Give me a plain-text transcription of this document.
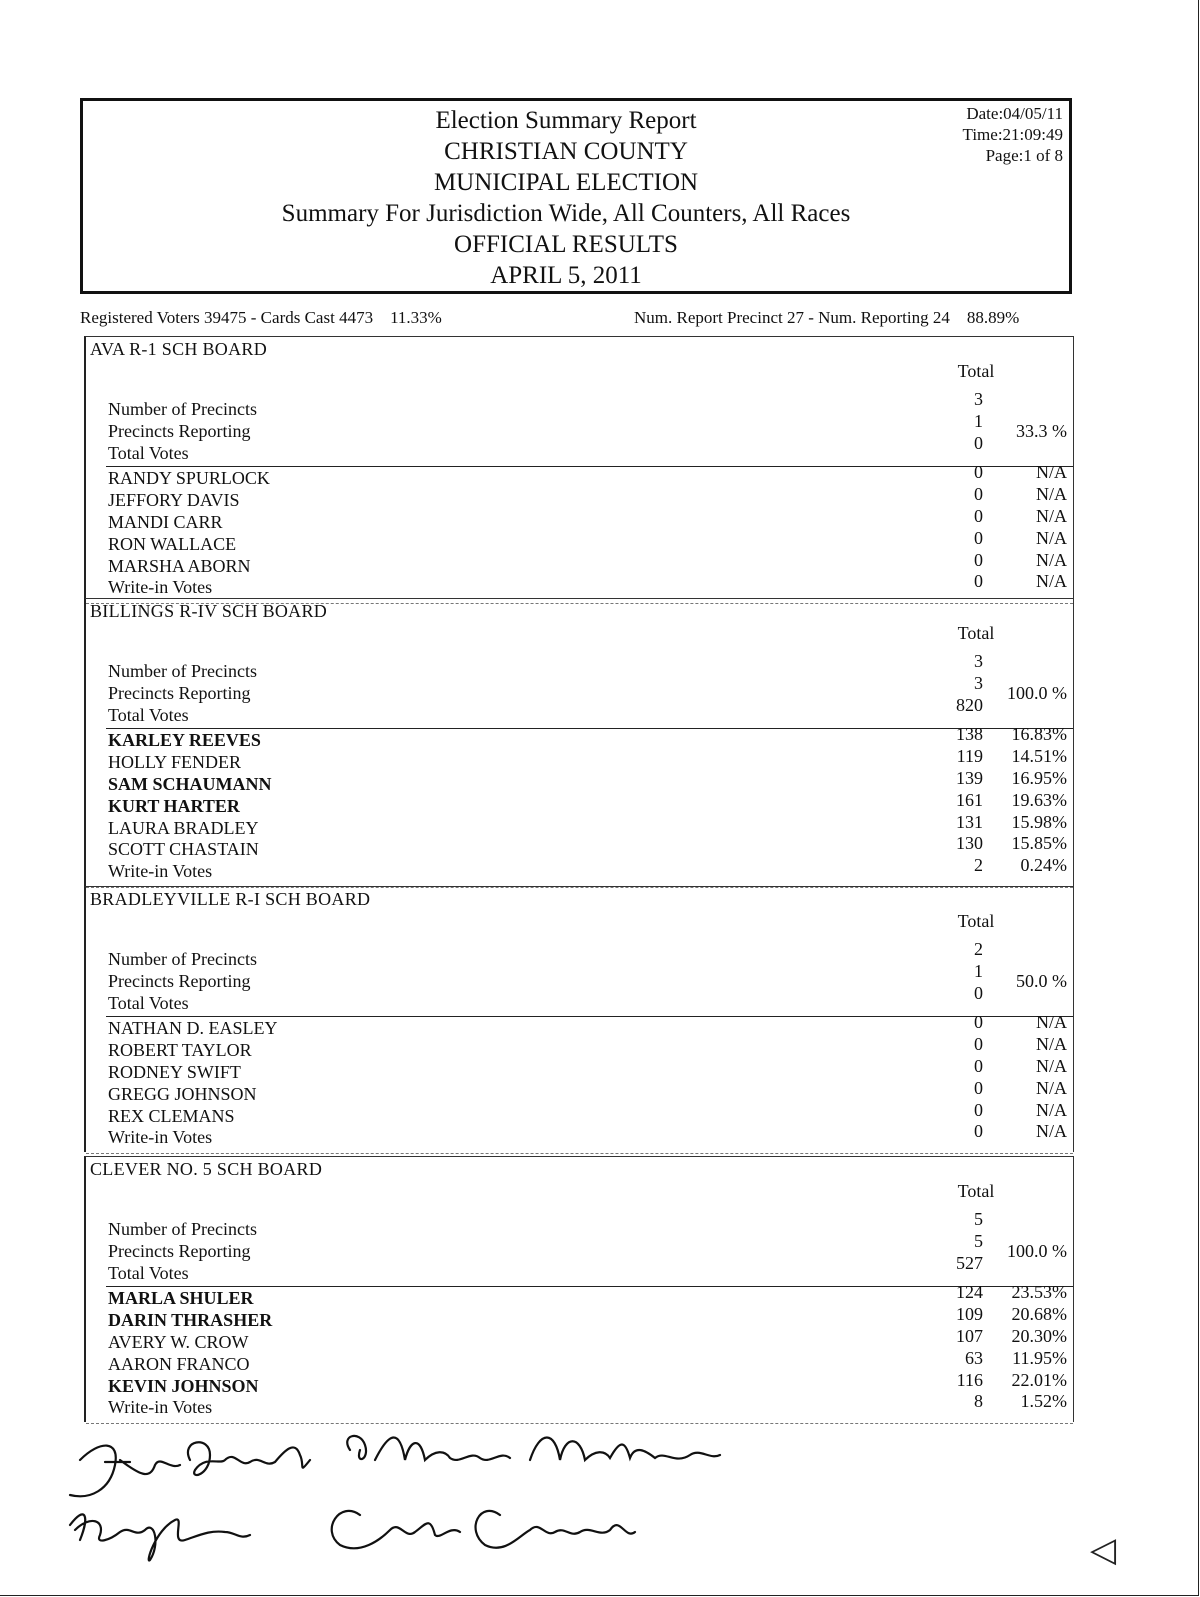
Election Summary Report
CHRISTIAN COUNTY
MUNICIPAL ELECTION
Summary For Jurisdiction Wide, All Counters, All Races
OFFICIAL RESULTS
APRIL 5, 2011
Date:04/05/11
Time:21:09:49
Page:1 of 8
Registered Voters 39475 - Cards Cast 4473    11.33%	Num. Report Precinct 27 - Num. Reporting 24    88.89%
AVA R-1 SCH BOARD
Total
Number of Precincts	3
Precincts Reporting	1 33.3 %
Total Votes	0
RANDY SPURLOCK	0	N/A
JEFFORY DAVIS	0	N/A
MANDI CARR	0	N/A
RON WALLACE	0	N/A
MARSHA ABORN	0	N/A
Write-in Votes	0	N/A
BILLINGS R-IV SCH BOARD
Total
Number of Precincts	3
Precincts Reporting	3 100.0 %
Total Votes	820
KARLEY REEVES	138 16.83%
HOLLY FENDER	119 14.51%
SAM SCHAUMANN	139 16.95%
KURT HARTER	161 19.63%
LAURA BRADLEY	131 15.98%
SCOTT CHASTAIN	130 15.85%
Write-in Votes	2 0.24%
BRADLEYVILLE R-I SCH BOARD
Total
Number of Precincts	2
Precincts Reporting	1 50.0 %
Total Votes	0
NATHAN D. EASLEY	0	N/A
ROBERT TAYLOR	0	N/A
RODNEY SWIFT	0	N/A
GREGG JOHNSON	0	N/A
REX CLEMANS	0	N/A
Write-in Votes	0	N/A
CLEVER NO. 5 SCH BOARD
Total
Number of Precincts	5
Precincts Reporting	5 100.0 %
Total Votes	527
MARLA SHULER	124 23.53%
DARIN THRASHER	109 20.68%
AVERY W. CROW	107 20.30%
AARON FRANCO	63 11.95%
KEVIN JOHNSON	116 22.01%
Write-in Votes	8 1.52%
◁
